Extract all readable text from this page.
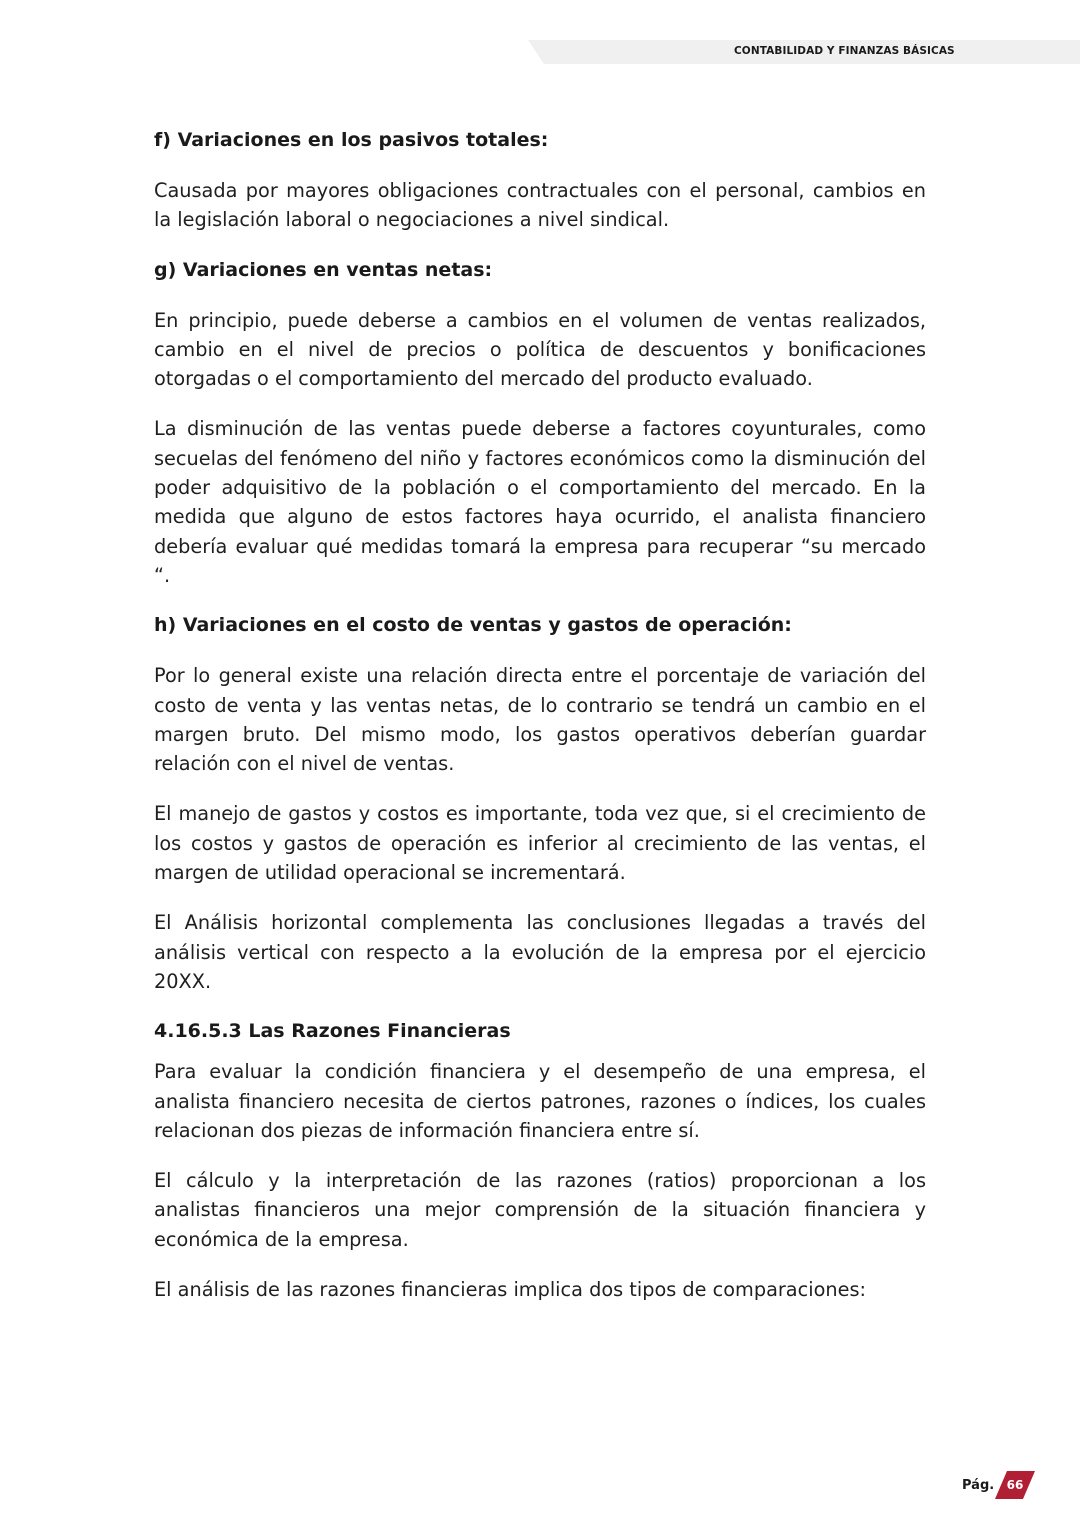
CONTABILIDAD Y FINANZAS BÁSICAS
f) Variaciones en los pasivos totales:

Causada por mayores obligaciones contractuales con el personal, cambios en la legislación laboral o negociaciones a nivel sindical.

g) Variaciones en ventas netas:

En principio, puede deberse a cambios en el volumen de ventas realizados, cambio en el nivel de precios o política de descuentos y bonificaciones otorgadas o el comportamiento del mercado del producto evaluado.

La disminución de las ventas puede deberse a factores coyunturales, como secuelas del fenómeno del niño y factores económicos como la disminución del poder adquisitivo de la población o el comportamiento del mercado. En la medida que alguno de estos factores haya ocurrido, el analista financiero debería evaluar qué medidas tomará la empresa para recuperar “su mercado “.

h) Variaciones en el costo de ventas y gastos de operación:

Por lo general existe una relación directa entre el porcentaje de variación del costo de venta y las ventas netas, de lo contrario se tendrá un cambio en el margen bruto. Del mismo modo, los gastos operativos deberían guardar relación con el nivel de ventas.

El manejo de gastos y costos es importante, toda vez que, si el crecimiento de los costos y gastos de operación es inferior al crecimiento de las ventas, el margen de utilidad operacional se incrementará.

El Análisis horizontal complementa las conclusiones llegadas a través del análisis vertical con respecto a la evolución de la empresa por el ejercicio 20XX.

4.16.5.3 Las Razones Financieras

Para evaluar la condición financiera y el desempeño de una empresa, el analista financiero necesita de ciertos patrones, razones o índices, los cuales relacionan dos piezas de información financiera entre sí.

El cálculo y la interpretación de las razones (ratios) proporcionan a los analistas financieros una mejor comprensión de la situación financiera y económica de la empresa.

El análisis de las razones financieras implica dos tipos de comparaciones:

Pág.	66
